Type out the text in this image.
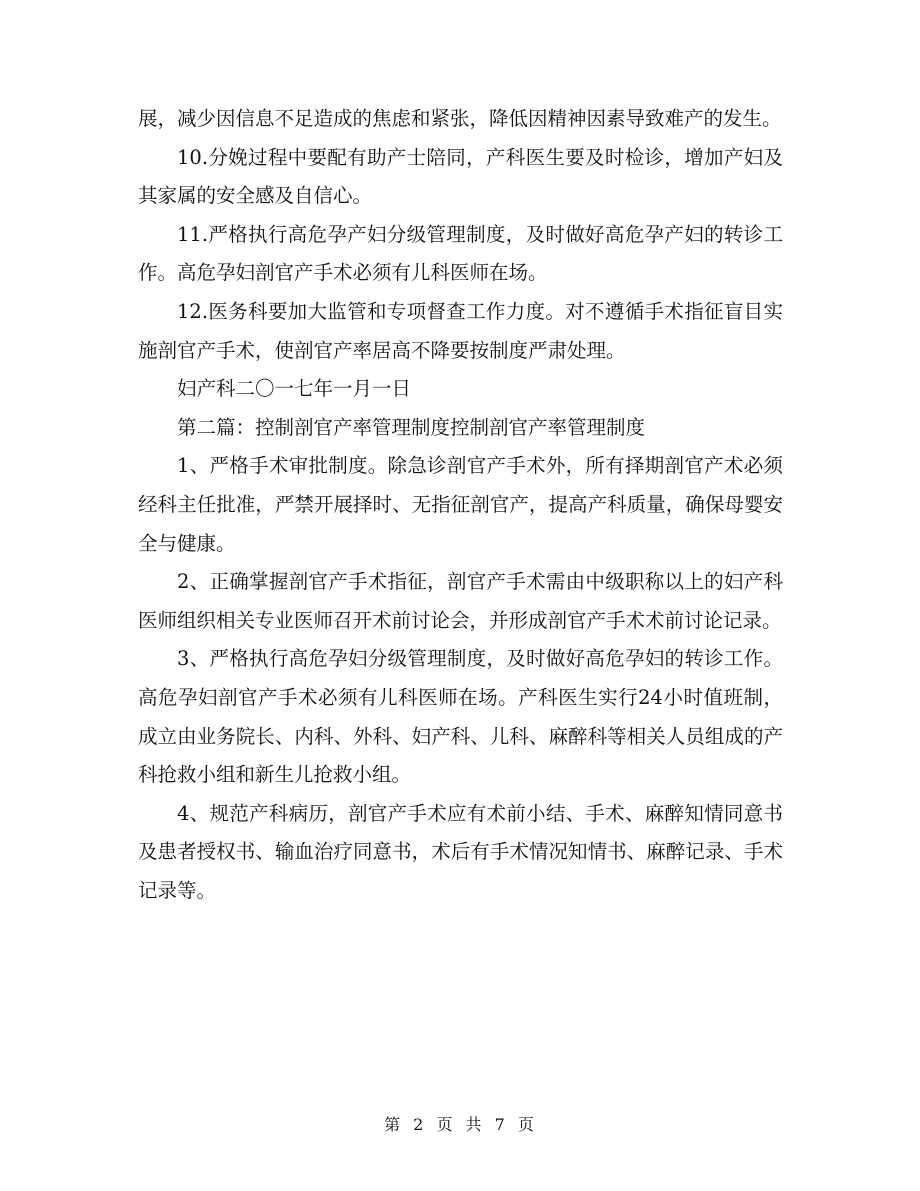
展，减少因信息不足造成的焦虑和紧张，降低因精神因素导致难产的发生。

10.分娩过程中要配有助产士陪同，产科医生要及时检诊，增加产妇及其家属的安全感及自信心。

11.严格执行高危孕产妇分级管理制度，及时做好高危孕产妇的转诊工作。高危孕妇剖官产手术必须有儿科医师在场。

12.医务科要加大监管和专项督查工作力度。对不遵循手术指征盲目实施剖官产手术，使剖官产率居高不降要按制度严肃处理。

妇产科二〇一七年一月一日

第二篇：控制剖官产率管理制度控制剖官产率管理制度

1、严格手术审批制度。除急诊剖官产手术外，所有择期剖官产术必须经科主任批准，严禁开展择时、无指征剖官产，提高产科质量，确保母婴安全与健康。

2、正确掌握剖官产手术指征，剖官产手术需由中级职称以上的妇产科医师组织相关专业医师召开术前讨论会，并形成剖官产手术术前讨论记录。

3、严格执行高危孕妇分级管理制度，及时做好高危孕妇的转诊工作。高危孕妇剖官产手术必须有儿科医师在场。产科医生实行24小时值班制，成立由业务院长、内科、外科、妇产科、儿科、麻醉科等相关人员组成的产科抢救小组和新生儿抢救小组。

4、规范产科病历，剖官产手术应有术前小结、手术、麻醉知情同意书及患者授权书、输血治疗同意书，术后有手术情况知情书、麻醉记录、手术记录等。

第 2 页 共 7 页
